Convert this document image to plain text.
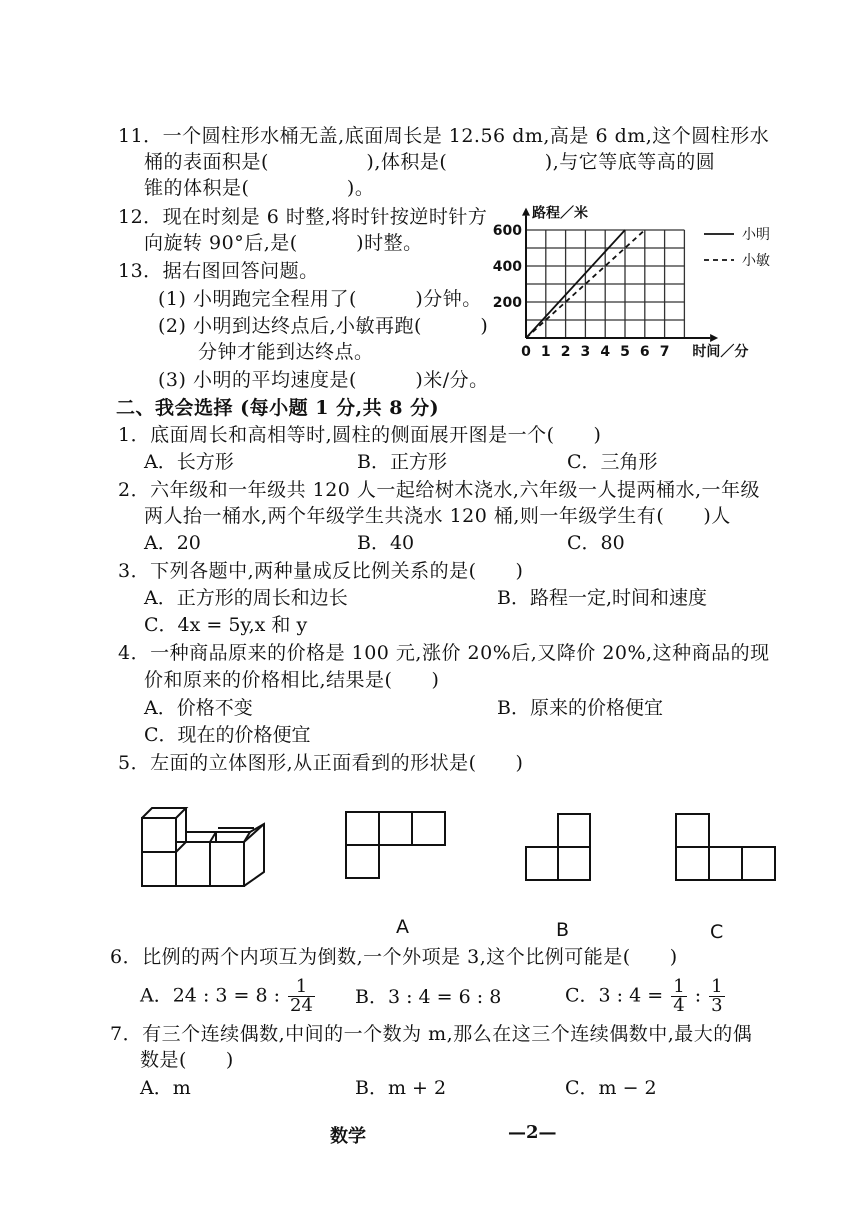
11．一个圆柱形水桶无盖,底面周长是 12.56 dm,高是 6 dm,这个圆柱形水
桶的表面积是(　　　　　),体积是(　　　　　),与它等底等高的圆
锥的体积是(　　　　　)。
12．现在时刻是 6 时整,将时针按逆时针方
向旋转 90°后,是(　　　)时整。
13．据右图回答问题。
(1) 小明跑完全程用了(　　　)分钟。
(2) 小明到达终点后,小敏再跑(　　　)
分钟才能到达终点。
(3) 小明的平均速度是(　　　)米/分。
0 1 2 3 4 5 6 7
200
400
600
路程／米
时间／分
小明
小敏
二、我会选择 (每小题 1 分,共 8 分)
1．底面周长和高相等时,圆柱的侧面展开图是一个(　　)
A．长方形	B．正方形	C．三角形
2．六年级和一年级共 120 人一起给树木浇水,六年级一人提两桶水,一年级
两人抬一桶水,两个年级学生共浇水 120 桶,则一年级学生有(　　)人
A．20	B．40	C．80
3．下列各题中,两种量成反比例关系的是(　　)
A．正方形的周长和边长	B．路程一定,时间和速度
C．4x = 5y,x 和 y
4．一种商品原来的价格是 100 元,涨价 20%后,又降价 20%,这种商品的现
价和原来的价格相比,结果是(　　)
A．价格不变	B．原来的价格便宜
C．现在的价格便宜
5．左面的立体图形,从正面看到的形状是(　　)
A	B	C
6．比例的两个内项互为倒数,一个外项是 3,这个比例可能是(　　)
A．24 : 3 = 8 : $\frac{1}{24}$ B．3 : 4 = 6 : 8	C．3 : $4 = \frac{1}{4}$ : $\frac{1}{3}$
7．有三个连续偶数,中间的一个数为 m,那么在这三个连续偶数中,最大的偶
数是(　　)
A．m	B．m + 2	C．m − 2
数学	—2—
